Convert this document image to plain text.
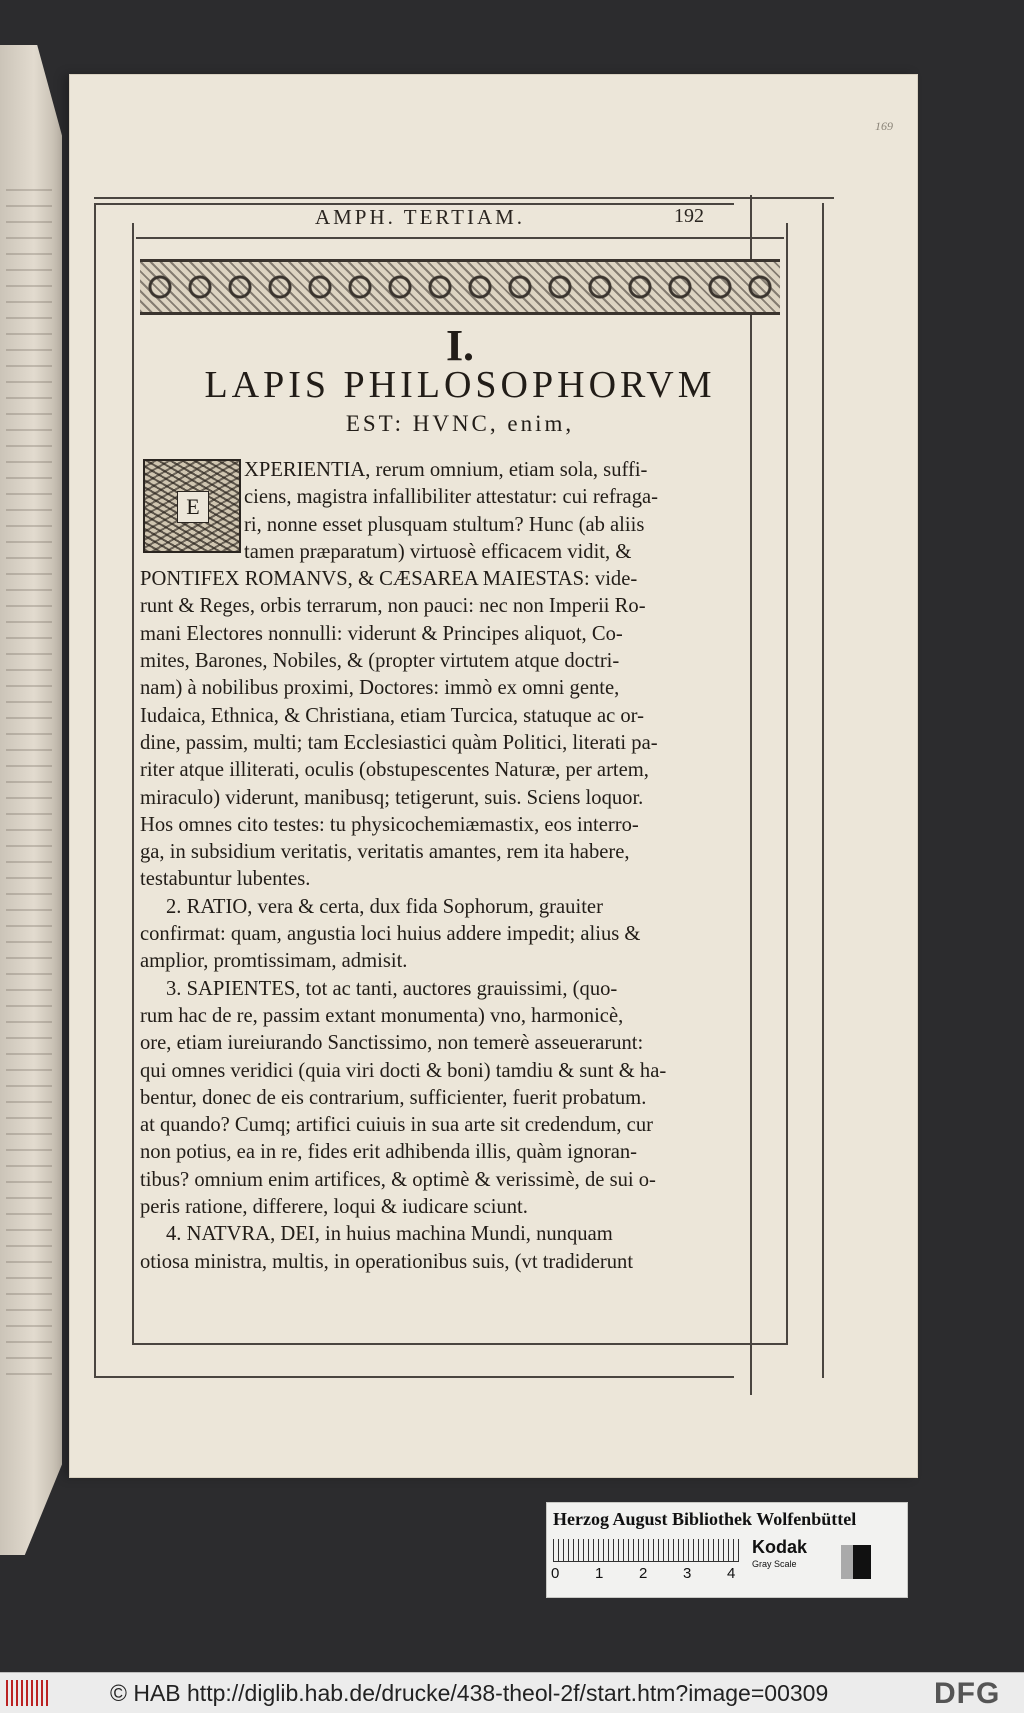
169
AMPH. TERTIAM.	192
I.
LAPIS PHILOSOPHORVM
EST: HVNC, enim,
E
XPERIENTIA, rerum omnium, etiam sola, suffi-
ciens, magistra infallibiliter attestatur: cui refraga-
ri, nonne esset plusquam stultum? Hunc (ab aliis
tamen præparatum) virtuosè efficacem vidit, &
PONTIFEX ROMANVS, & CÆSAREA MAIESTAS: vide-
runt & Reges, orbis terrarum, non pauci: nec non Imperii Ro-
mani Electores nonnulli: viderunt & Principes aliquot, Co-
mites, Barones, Nobiles, & (propter virtutem atque doctri-
nam) à nobilibus proximi, Doctores: immò ex omni gente,
Iudaica, Ethnica, & Christiana, etiam Turcica, statuque ac or-
dine, passim, multi; tam Ecclesiastici quàm Politici, literati pa-
riter atque illiterati, oculis (obstupescentes Naturæ, per artem,
miraculo) viderunt, manibusq; tetigerunt, suis. Sciens loquor.
Hos omnes cito testes: tu physicochemiæmastix, eos interro-
ga, in subsidium veritatis, veritatis amantes, rem ita habere,
testabuntur lubentes.
2. RATIO, vera & certa, dux fida Sophorum, grauiter
confirmat: quam, angustia loci huius addere impedit; alius &
amplior, promtissimam, admisit.
3. SAPIENTES, tot ac tanti, auctores grauissimi, (quo-
rum hac de re, passim extant monumenta) vno, harmonicè,
ore, etiam iureiurando Sanctissimo, non temerè asseuerarunt:
qui omnes veridici (quia viri docti & boni) tamdiu & sunt & ha-
bentur, donec de eis contrarium, sufficienter, fuerit probatum.
at quando? Cumq; artifici cuiuis in sua arte sit credendum, cur
non potius, ea in re, fides erit adhibenda illis, quàm ignoran-
tibus? omnium enim artifices, & optimè & verissimè, de sui o-
peris ratione, differere, loqui & iudicare sciunt.
4. NATVRA, DEI, in huius machina Mundi, nunquam
otiosa ministra, multis, in operationibus suis, (vt tradiderunt
Herzog August Bibliothek Wolfenbüttel
0 1 2 3 4
Kodak
Gray Scale
© HAB http://diglib.hab.de/drucke/438-theol-2f/start.htm?image=00309	DFG
